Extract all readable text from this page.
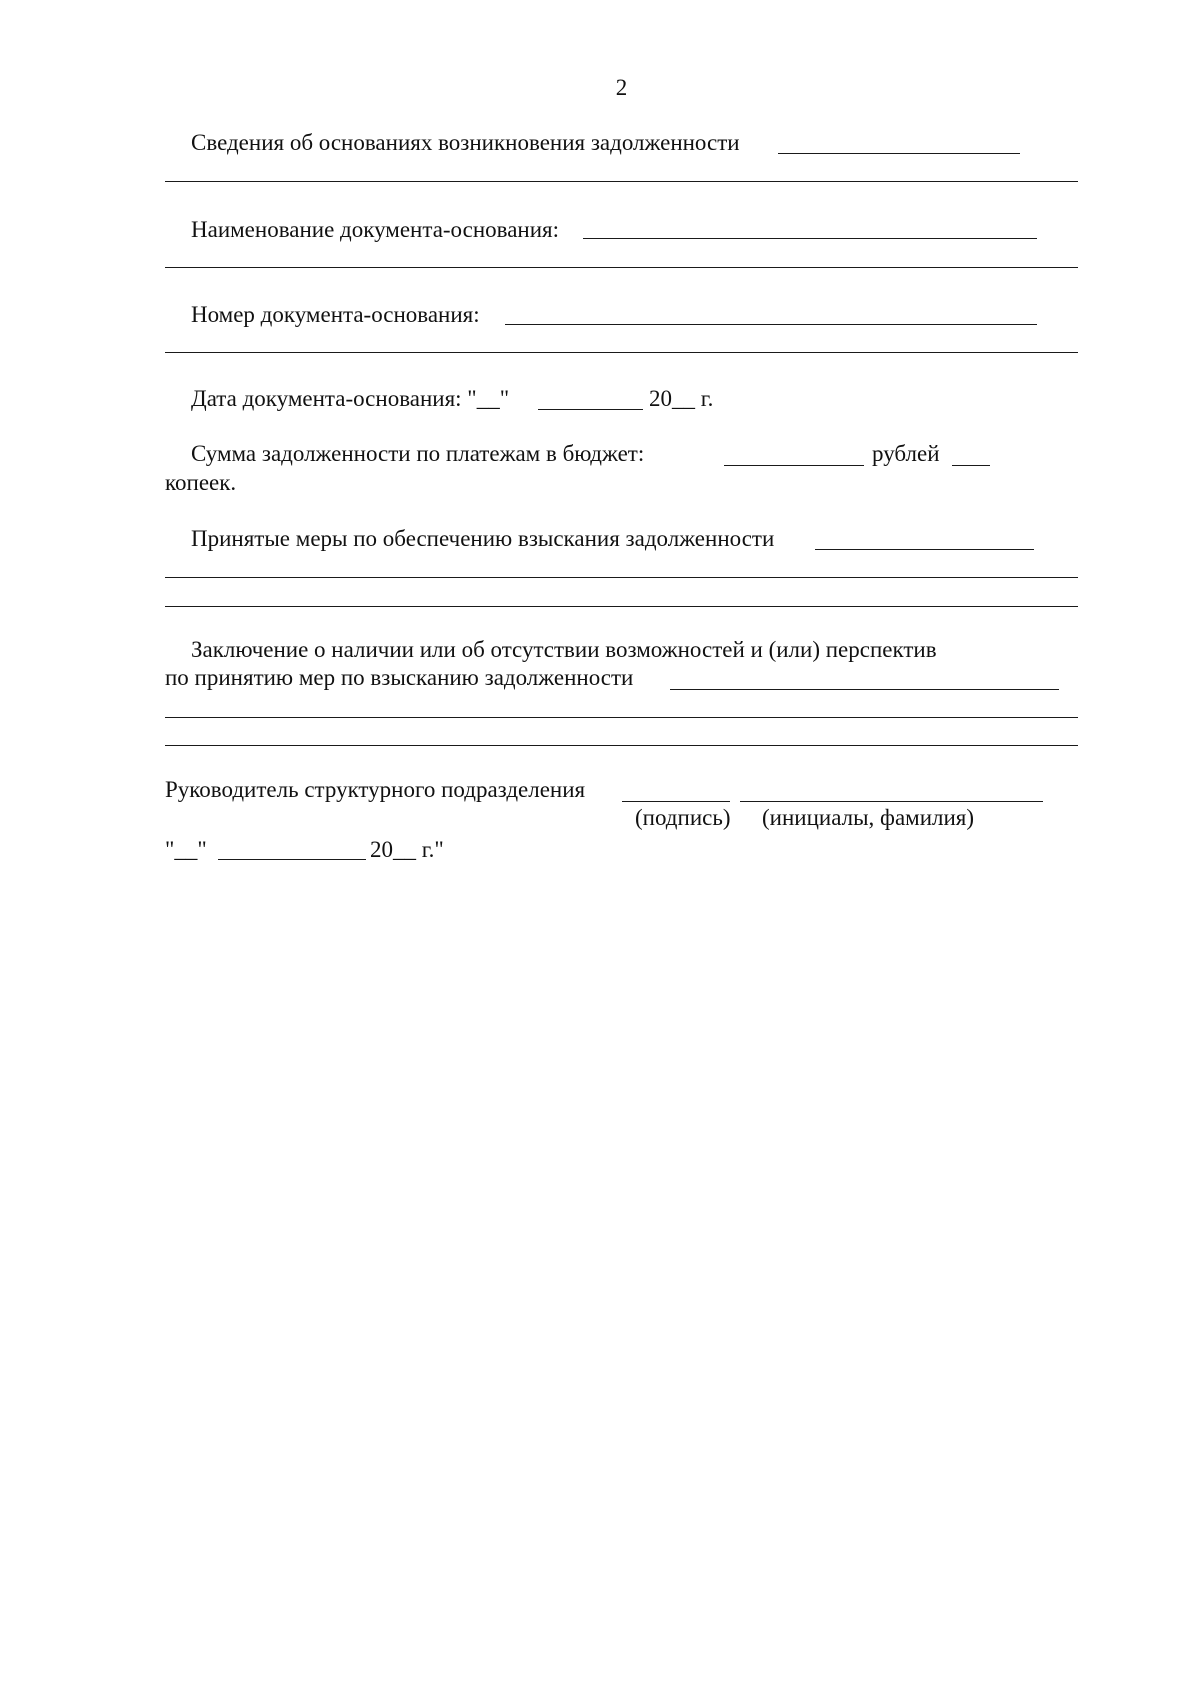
2
Сведения об основаниях возникновения задолженности
Наименование документа-основания:
Номер документа-основания:
Дата документа-основания: "__"	20__ г.
Сумма задолженности по платежам в бюджет:	рублей
копеек.
Принятые меры по обеспечению взыскания задолженности
Заключение о наличии или об отсутствии возможностей и (или) перспектив
по принятию мер по взысканию задолженности
Руководитель структурного подразделения
(подпись) (инициалы, фамилия)
"__"	20__ г."
